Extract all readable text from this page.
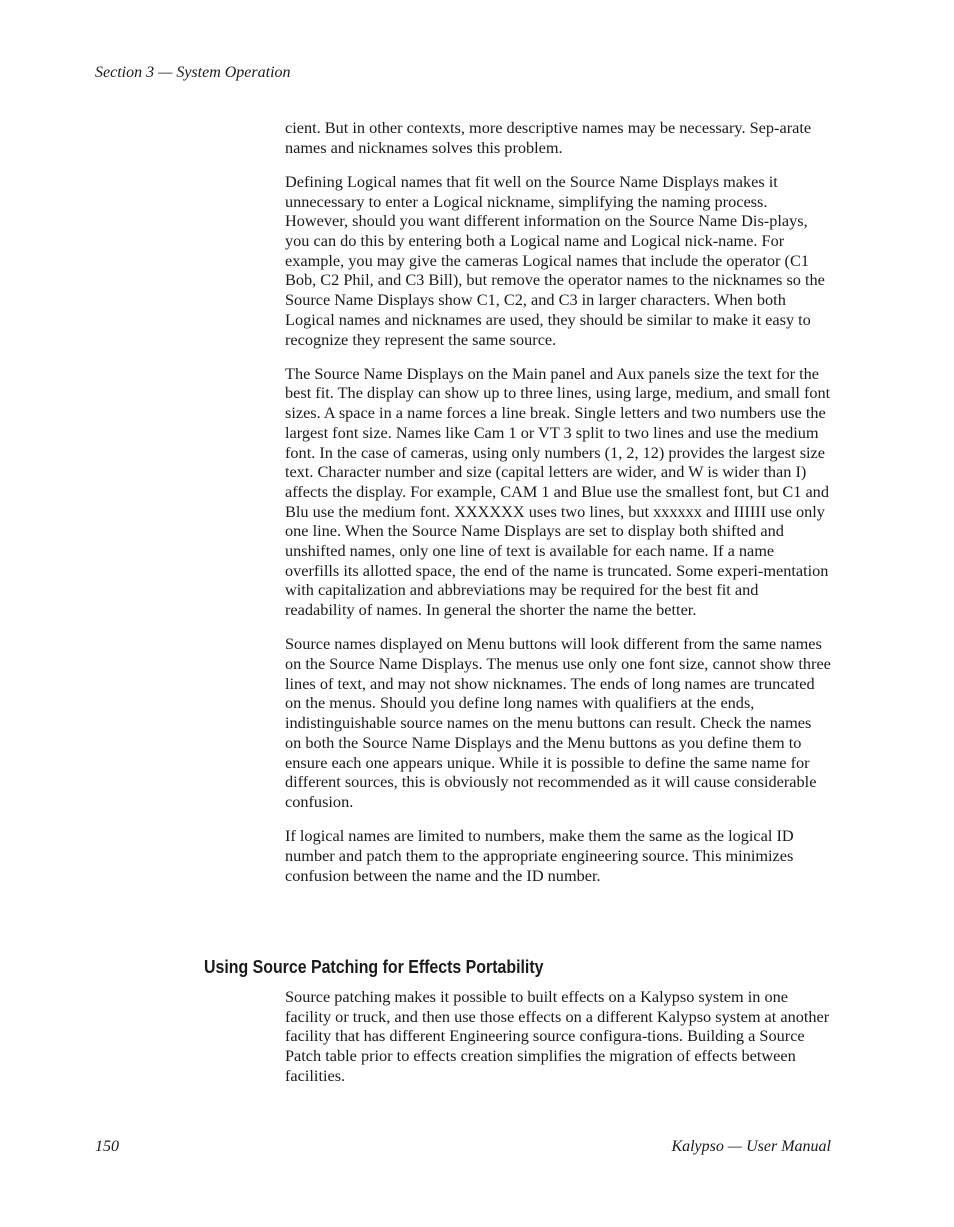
Section 3 — System Operation

cient. But in other contexts, more descriptive names may be necessary. Sep-arate names and nicknames solves this problem.

Defining Logical names that fit well on the Source Name Displays makes it unnecessary to enter a Logical nickname, simplifying the naming process. However, should you want different information on the Source Name Dis-plays, you can do this by entering both a Logical name and Logical nick-name. For example, you may give the cameras Logical names that include the operator (C1 Bob, C2 Phil, and C3 Bill), but remove the operator names to the nicknames so the Source Name Displays show C1, C2, and C3 in larger characters. When both Logical names and nicknames are used, they should be similar to make it easy to recognize they represent the same source.

The Source Name Displays on the Main panel and Aux panels size the text for the best fit. The display can show up to three lines, using large, medium, and small font sizes. A space in a name forces a line break. Single letters and two numbers use the largest font size. Names like Cam 1 or VT 3 split to two lines and use the medium font. In the case of cameras, using only numbers (1, 2, 12) provides the largest size text. Character number and size (capital letters are wider, and W is wider than I) affects the display. For example, CAM 1 and Blue use the smallest font, but C1 and Blu use the medium font. XXXXXX uses two lines, but xxxxxx and IIIIII use only one line. When the Source Name Displays are set to display both shifted and unshifted names, only one line of text is available for each name. If a name overfills its allotted space, the end of the name is truncated. Some experi-mentation with capitalization and abbreviations may be required for the best fit and readability of names. In general the shorter the name the better.

Source names displayed on Menu buttons will look different from the same names on the Source Name Displays. The menus use only one font size, cannot show three lines of text, and may not show nicknames. The ends of long names are truncated on the menus. Should you define long names with qualifiers at the ends, indistinguishable source names on the menu buttons can result. Check the names on both the Source Name Displays and the Menu buttons as you define them to ensure each one appears unique. While it is possible to define the same name for different sources, this is obviously not recommended as it will cause considerable confusion.

If logical names are limited to numbers, make them the same as the logical ID number and patch them to the appropriate engineering source. This minimizes confusion between the name and the ID number.

Using Source Patching for Effects Portability

Source patching makes it possible to built effects on a Kalypso system in one facility or truck, and then use those effects on a different Kalypso system at another facility that has different Engineering source configura-tions. Building a Source Patch table prior to effects creation simplifies the migration of effects between facilities.

150	Kalypso — User Manual
